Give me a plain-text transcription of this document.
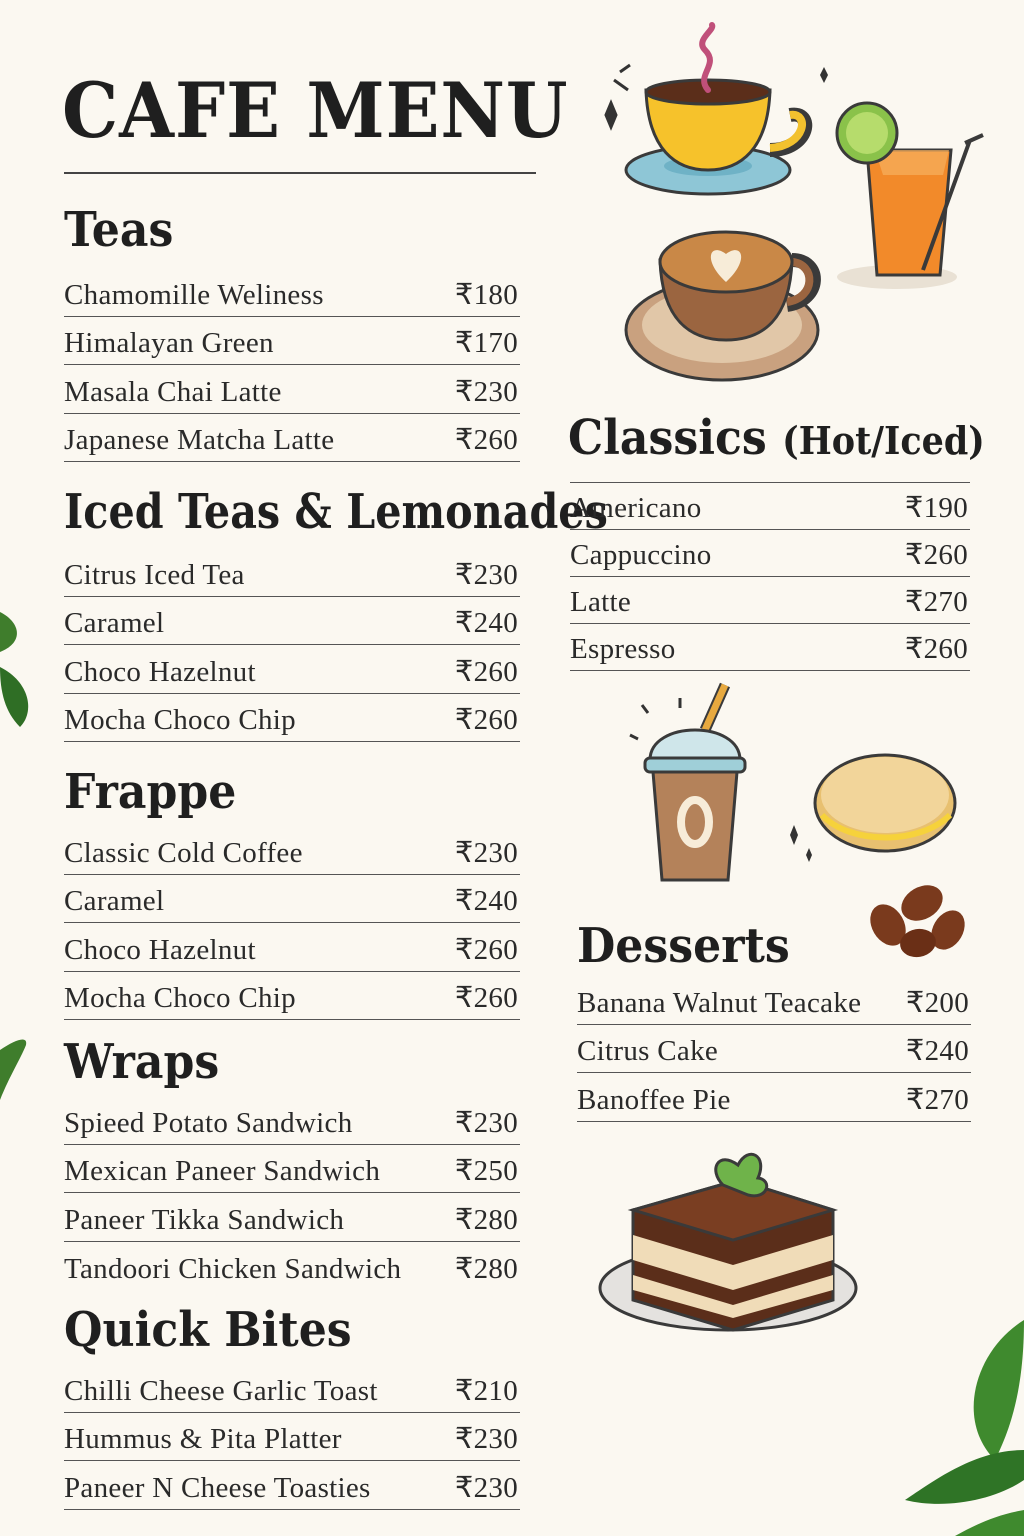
CAFE MENU
Teas
Chamomille Weliness	₹180
Himalayan Green	₹170
Masala Chai Latte	₹230
Japanese Matcha Latte	₹260
Iced Teas & Lemonades
Citrus Iced Tea	₹230
Caramel	₹240
Choco Hazelnut	₹260
Mocha Choco Chip	₹260
Frappe
Classic Cold Coffee	₹230
Caramel	₹240
Choco Hazelnut	₹260
Mocha Choco Chip	₹260
Wraps
Spieed Potato Sandwich	₹230
Mexican Paneer Sandwich	₹250
Paneer Tikka Sandwich	₹280
Tandoori Chicken Sandwich ₹280
Quick Bites
Chilli Cheese Garlic Toast	₹210
Hummus & Pita Platter	₹230
Paneer N Cheese Toasties	₹230
Classics (Hot/Iced)
Americano	₹190
Cappuccino	₹260
Latte	₹270
Espresso	₹260
Desserts
Banana Walnut Teacake ₹200
Citrus Cake	₹240
Banoffee Pie	₹270
